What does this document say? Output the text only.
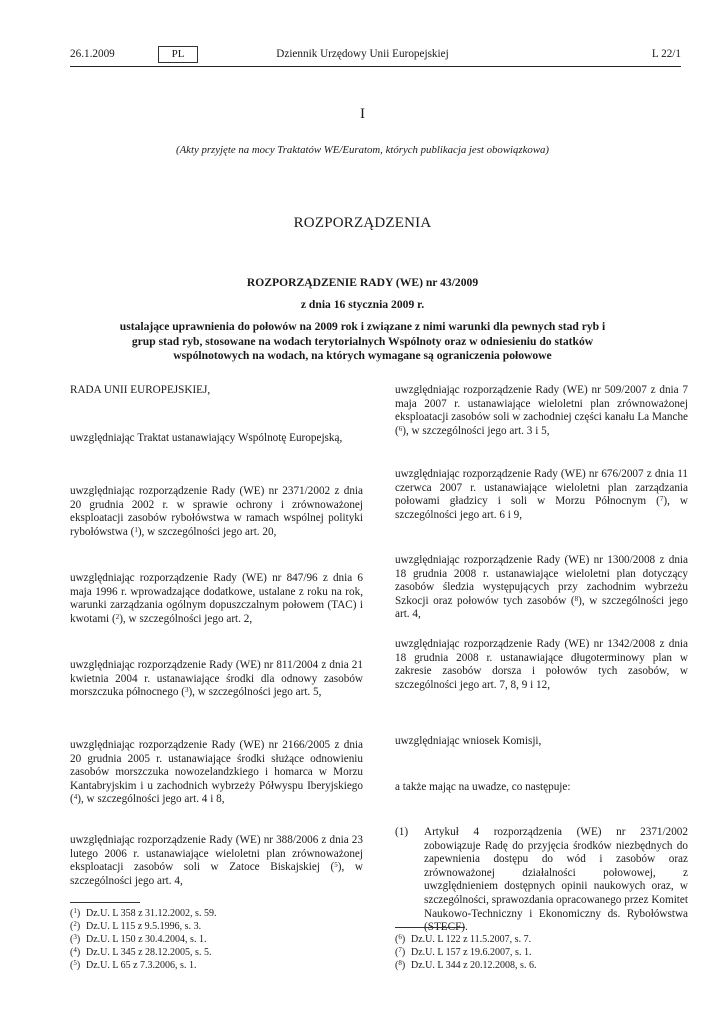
26.1.2009	PL	Dziennik Urzędowy Unii Europejskiej	L 22/1
I
(Akty przyjęte na mocy Traktatów WE/Euratom, których publikacja jest obowiązkowa)
ROZPORZĄDZENIA
ROZPORZĄDZENIE RADY (WE) nr 43/2009
z dnia 16 stycznia 2009 r.
ustalające uprawnienia do połowów na 2009 rok i związane z nimi warunki dla pewnych stad ryb i grup stad ryb, stosowane na wodach terytorialnych Wspólnoty oraz w odniesieniu do statków wspólnotowych na wodach, na których wymagane są ograniczenia połowowe
RADA UNII EUROPEJSKIEJ,
uwzględniając Traktat ustanawiający Wspólnotę Europejską,
uwzględniając rozporządzenie Rady (WE) nr 2371/2002 z dnia 20 grudnia 2002 r. w sprawie ochrony i zrównoważonej eksploatacji zasobów rybołówstwa w ramach wspólnej polityki rybołówstwa ($^1$), w szczególności jego art. 20,
uwzględniając rozporządzenie Rady (WE) nr 847/96 z dnia 6 maja 1996 r. wprowadzające dodatkowe, ustalane z roku na rok, warunki zarządzania ogólnym dopuszczalnym połowem (TAC) i kwotami ($^2$), w szczególności jego art. 2,
uwzględniając rozporządzenie Rady (WE) nr 811/2004 z dnia 21 kwietnia 2004 r. ustanawiające środki dla odnowy zasobów morszczuka północnego ($^3$), w szczególności jego art. 5,
uwzględniając rozporządzenie Rady (WE) nr 2166/2005 z dnia 20 grudnia 2005 r. ustanawiające środki służące odnowieniu zasobów morszczuka nowozelandzkiego i homarca w Morzu Kantabryjskim i u zachodnich wybrzeży Półwyspu Iberyjskiego ($^4$), w szczególności jego art. 4 i 8,
uwzględniając rozporządzenie Rady (WE) nr 388/2006 z dnia 23 lutego 2006 r. ustanawiające wieloletni plan zrównoważonej eksploatacji zasobów soli w Zatoce Biskajskiej ($^5$), w szczególności jego art. 4,
uwzględniając rozporządzenie Rady (WE) nr 509/2007 z dnia 7 maja 2007 r. ustanawiające wieloletni plan zrównoważonej eksploatacji zasobów soli w zachodniej części kanału La Manche ($^6$), w szczególności jego art. 3 i 5,
uwzględniając rozporządzenie Rady (WE) nr 676/2007 z dnia 11 czerwca 2007 r. ustanawiające wieloletni plan zarządzania połowami gładzicy i soli w Morzu Północnym ($^7$), w szczególności jego art. 6 i 9,
uwzględniając rozporządzenie Rady (WE) nr 1300/2008 z dnia 18 grudnia 2008 r. ustanawiające wieloletni plan dotyczący zasobów śledzia występujących przy zachodnim wybrzeżu Szkocji oraz połowów tych zasobów ($^8$), w szczególności jego art. 4,
uwzględniając rozporządzenie Rady (WE) nr 1342/2008 z dnia 18 grudnia 2008 r. ustanawiające długoterminowy plan w zakresie zasobów dorsza i połowów tych zasobów, w szczególności jego art. 7, 8, 9 i 12,
uwzględniając wniosek Komisji,
a także mając na uwadze, co następuje:
(1) Artykuł 4 rozporządzenia (WE) nr 2371/2002 zobowiązuje Radę do przyjęcia środków niezbędnych do zapewnienia dostępu do wód i zasobów oraz zrównoważonej działalności połowowej, z uwzględnieniem dostępnych opinii naukowych oraz, w szczególności, sprawozdania opracowanego przez Komitet Naukowo-Techniczny i Ekonomiczny ds. Rybołówstwa (STECF).
($^1$) Dz.U. L 358 z 31.12.2002, s. 59.
($^2$) Dz.U. L 115 z 9.5.1996, s. 3.
($^3$) Dz.U. L 150 z 30.4.2004, s. 1.
($^4$) Dz.U. L 345 z 28.12.2005, s. 5.
($^5$) Dz.U. L 65 z 7.3.2006, s. 1.
($^6$) Dz.U. L 122 z 11.5.2007, s. 7.
($^7$) Dz.U. L 157 z 19.6.2007, s. 1.
($^8$) Dz.U. L 344 z 20.12.2008, s. 6.
